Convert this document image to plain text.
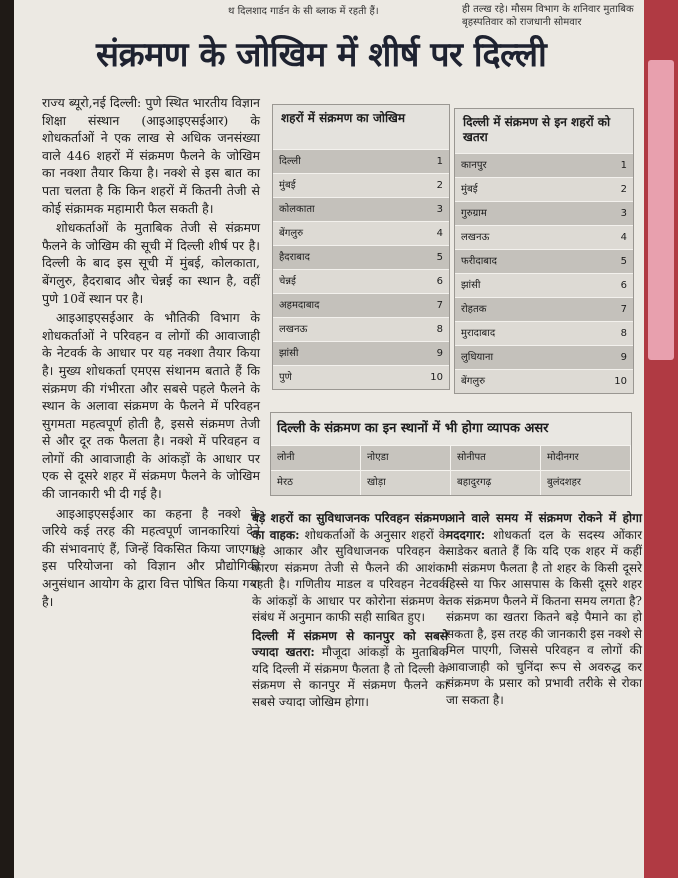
थ दिलशाद गार्डन के सी ब्लाक में रहती हैं।	ही तल्ख रहे। मौसम विभाग के शनिवार मुताबिक बृहस्पतिवार को राजधानी सोमवार
संक्रमण के जोखिम में शीर्ष पर दिल्ली

राज्य ब्यूरो,नई दिल्ली: पुणे स्थित भारतीय विज्ञान शिक्षा संस्थान (आइआइएसईआर) के शोधकर्ताओं ने एक लाख से अधिक जनसंख्या वाले 446 शहरों में संक्रमण फैलने के जोखिम का नक्शा तैयार किया है। नक्शे से इस बात का पता चलता है कि किन शहरों में कितनी तेजी से कोई संक्रामक महामारी फैल सकती है।

शोधकर्ताओं के मुताबिक तेजी से संक्रमण फैलने के जोखिम की सूची में दिल्ली शीर्ष पर है। दिल्ली के बाद इस सूची में मुंबई, कोलकाता, बेंगलुरु, हैदराबाद और चेन्नई का स्थान है, वहीं पुणे 10वें स्थान पर है।

आइआइएसईआर के भौतिकी विभाग के शोधकर्ताओं ने परिवहन व लोगों की आवाजाही के नेटवर्क के आधार पर यह नक्शा तैयार किया है। मुख्य शोधकर्ता एमएस संथानम बताते हैं कि संक्रमण की गंभीरता और सबसे पहले फैलने के स्थान के अलावा संक्रमण के फैलने में परिवहन सुगमता महत्वपूर्ण होती है, इससे संक्रमण तेजी से और दूर तक फैलता है। नक्शे में परिवहन व लोगों की आवाजाही के आंकड़ों के आधार पर एक से दूसरे शहर में संक्रमण फैलने के जोखिम की जानकारी भी दी गई है।

आइआइएसईआर का कहना है नक्शे के जरिये कई तरह की महत्वपूर्ण जानकारियां देने की संभावनाएं हैं, जिन्हें विकसित किया जाएगा। इस परियोजना को विज्ञान और प्रौद्योगिकी अनुसंधान आयोग के द्वारा वित्त पोषित किया गया है।

शहरों में संक्रमण का जोखिम
दिल्ली	1
मुंबई	2
कोलकाता	3
बेंगलुरु	4
हैदराबाद	5
चेन्नई	6
अहमदाबाद	7
लखनऊ	8
झांसी	9
पुणे	10
दिल्ली में संक्रमण से इन शहरों को खतरा
कानपुर	1
मुंबई	2
गुरुग्राम	3
लखनऊ	4
फरीदाबाद	5
झांसी	6
रोहतक	7
मुरादाबाद	8
लुधियाना	9
बेंगलुरु	10
दिल्ली के संक्रमण का इन स्थानों में भी होगा व्यापक असर
लोनी	नोएडा	सोनीपत	मोदीनगर
मेरठ	खोड़ा	बहादुरगढ़	बुलंदशहर

बड़े शहरों का सुविधाजनक परिवहन संक्रमण का वाहक: शोधकर्ताओं के अनुसार शहरों के बड़े आकार और सुविधाजनक परिवहन के कारण संक्रमण तेजी से फैलने की आशंका रहती है। गणितीय माडल व परिवहन नेटवर्क के आंकड़ों के आधार पर कोरोना संक्रमण के संबंध में अनुमान काफी सही साबित हुए।

दिल्ली में संक्रमण से कानपुर को सबसे ज्यादा खतरा: मौजूदा आंकड़ों के मुताबिक यदि दिल्ली में संक्रमण फैलता है तो दिल्ली के संक्रमण से कानपुर में संक्रमण फैलने का सबसे ज्यादा जोखिम होगा।

आने वाले समय में संक्रमण रोकने में होगा मददगार: शोधकर्ता दल के सदस्य ओंकार साडेकर बताते हैं कि यदि एक शहर में कहीं भी संक्रमण फैलता है तो शहर के किसी दूसरे हिस्से या फिर आसपास के किसी दूसरे शहर तक संक्रमण फैलने में कितना समय लगता है? संक्रमण का खतरा कितने बड़े पैमाने का हो सकता है, इस तरह की जानकारी इस नक्शे से मिल पाएगी, जिससे परिवहन व लोगों की आवाजाही को चुनिंदा रूप से अवरुद्ध कर संक्रमण के प्रसार को प्रभावी तरीके से रोका जा सकता है।
